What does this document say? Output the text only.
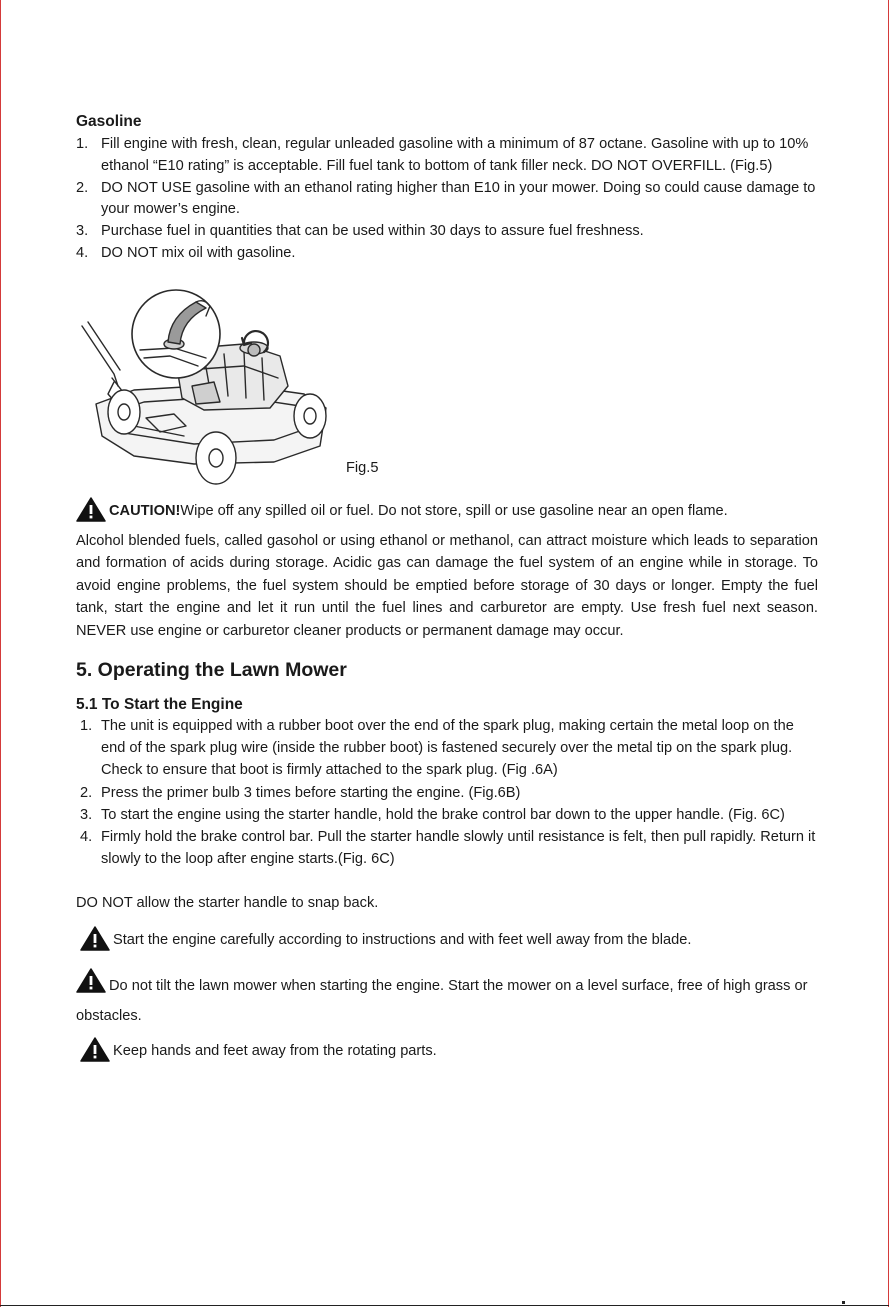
Gasoline
1. Fill engine with fresh, clean, regular unleaded gasoline with a minimum of 87 octane. Gasoline with up to 10% ethanol “E10 rating” is acceptable. Fill fuel tank to bottom of tank filler neck. DO NOT OVERFILL. (Fig.5)
2. DO NOT USE gasoline with an ethanol rating higher than E10 in your mower. Doing so could cause damage to your mower’s engine.
3. Purchase fuel in quantities that can be used within 30 days to assure fuel freshness.
4. DO NOT mix oil with gasoline.
Fig.5
CAUTION! Wipe off any spilled oil or fuel. Do not store, spill or use gasoline near an open flame.

Alcohol blended fuels, called gasohol or using ethanol or methanol, can attract moisture which leads to separation and formation of acids during storage. Acidic gas can damage the fuel system of an engine while in storage. To avoid engine problems, the fuel system should be emptied before storage of 30 days or longer. Empty the fuel tank, start the engine and let it run until the fuel lines and carburetor are empty. Use fresh fuel next season. NEVER use engine or carburetor cleaner products or permanent damage may occur.

5. Operating the Lawn Mower
5.1 To Start the Engine
1. The unit is equipped with a rubber boot over the end of the spark plug, making certain the metal loop on the end of the spark plug wire (inside the rubber boot) is fastened securely over the metal tip on the spark plug. Check to ensure that boot is firmly attached to the spark plug. (Fig .6A)
2. Press the primer bulb 3 times before starting the engine. (Fig.6B)
3. To start the engine using the starter handle, hold the brake control bar down to the upper handle. (Fig. 6C)
4. Firmly hold the brake control bar. Pull the starter handle slowly until resistance is felt, then pull rapidly. Return it slowly to the loop after engine starts.(Fig. 6C)
DO NOT allow the starter handle to snap back.
Start the engine carefully according to instructions and with feet well away from the blade.
Do not tilt the lawn mower when starting the engine. Start the mower on a level surface, free of high grass or obstacles.
Keep hands and feet away from the rotating parts.
